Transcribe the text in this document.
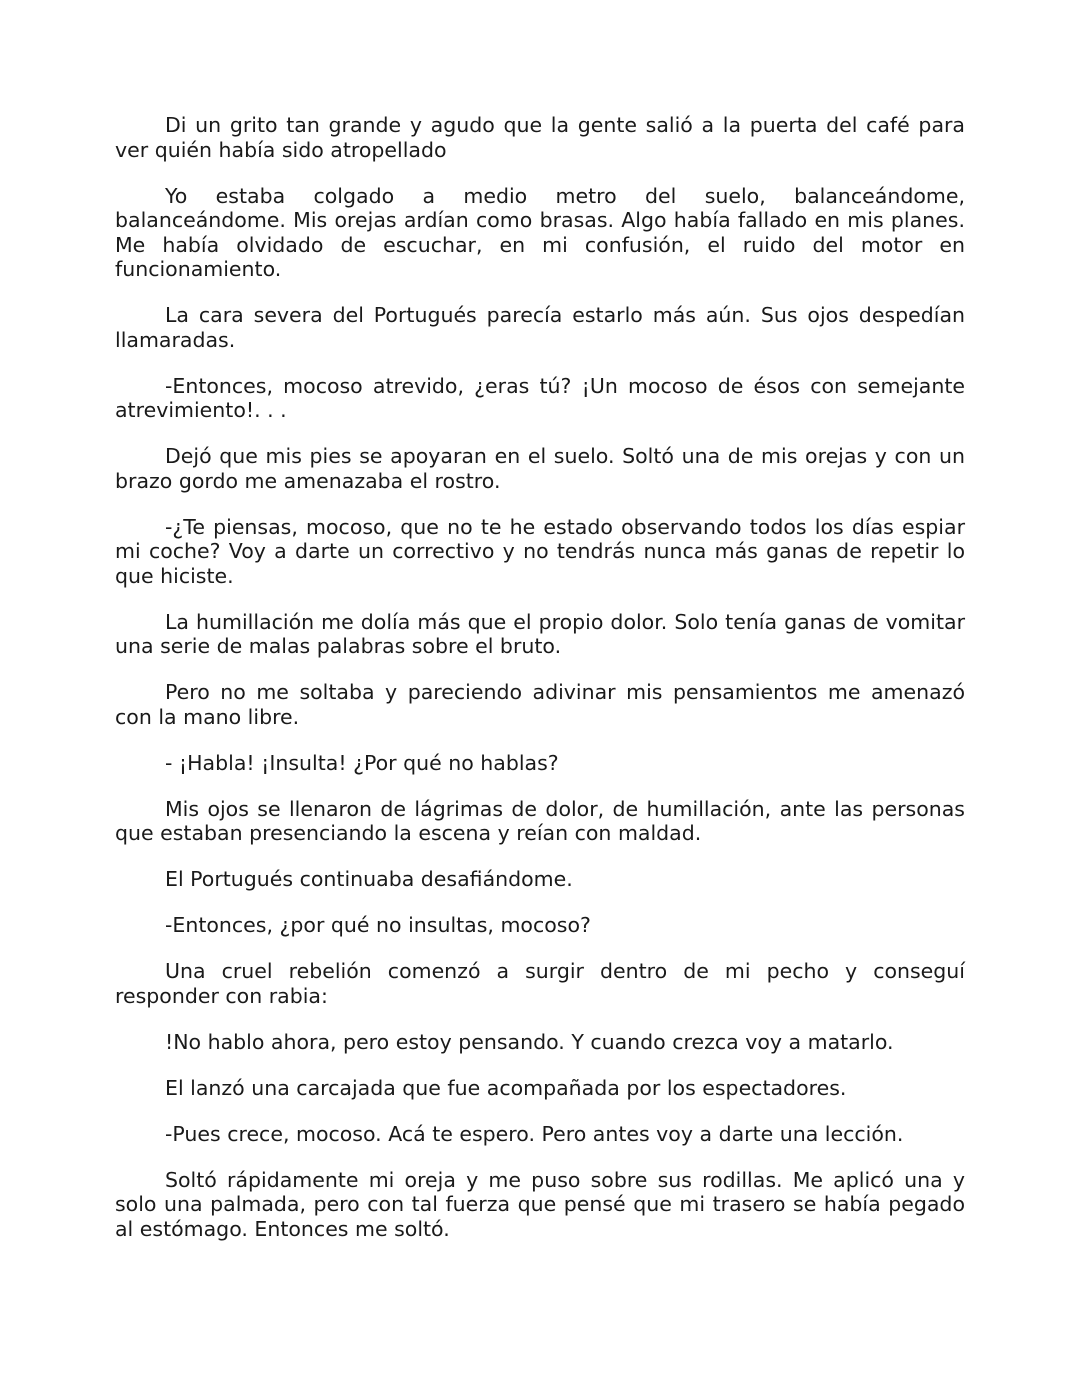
Di un grito tan grande y agudo que la gente salió a la puerta del café para ver quién había sido atropellado

Yo estaba colgado a medio metro del suelo, balanceándome, balanceándome. Mis orejas ardían como brasas. Algo había fallado en mis planes. Me había olvidado de escuchar, en mi confusión, el ruido del motor en funcionamiento.

La cara severa del Portugués parecía estarlo más aún. Sus ojos despedían llamaradas.

-Entonces, mocoso atrevido, ¿eras tú? ¡Un mocoso de ésos con semejante atrevimiento!. . .

Dejó que mis pies se apoyaran en el suelo. Soltó una de mis orejas y con un brazo gordo me amenazaba el rostro.

-¿Te piensas, mocoso, que no te he estado observando todos los días espiar mi coche? Voy a darte un correctivo y no tendrás nunca más ganas de repetir lo que hiciste.

La humillación me dolía más que el propio dolor. Solo tenía ganas de vomitar una serie de malas palabras sobre el bruto.

Pero no me soltaba y pareciendo adivinar mis pensamientos me amenazó con la mano libre.

- ¡Habla! ¡Insulta! ¿Por qué no hablas?

Mis ojos se llenaron de lágrimas de dolor, de humillación, ante las personas que estaban presenciando la escena y reían con maldad.

El Portugués continuaba desafiándome.

-Entonces, ¿por qué no insultas, mocoso?

Una cruel rebelión comenzó a surgir dentro de mi pecho y conseguí responder con rabia:

!No hablo ahora, pero estoy pensando. Y cuando crezca voy a matarlo.

El lanzó una carcajada que fue acompañada por los espectadores.

-Pues crece, mocoso. Acá te espero. Pero antes voy a darte una lección.

Soltó rápidamente mi oreja y me puso sobre sus rodillas. Me aplicó una y solo una palmada, pero con tal fuerza que pensé que mi trasero se había pegado al estómago. Entonces me soltó.
